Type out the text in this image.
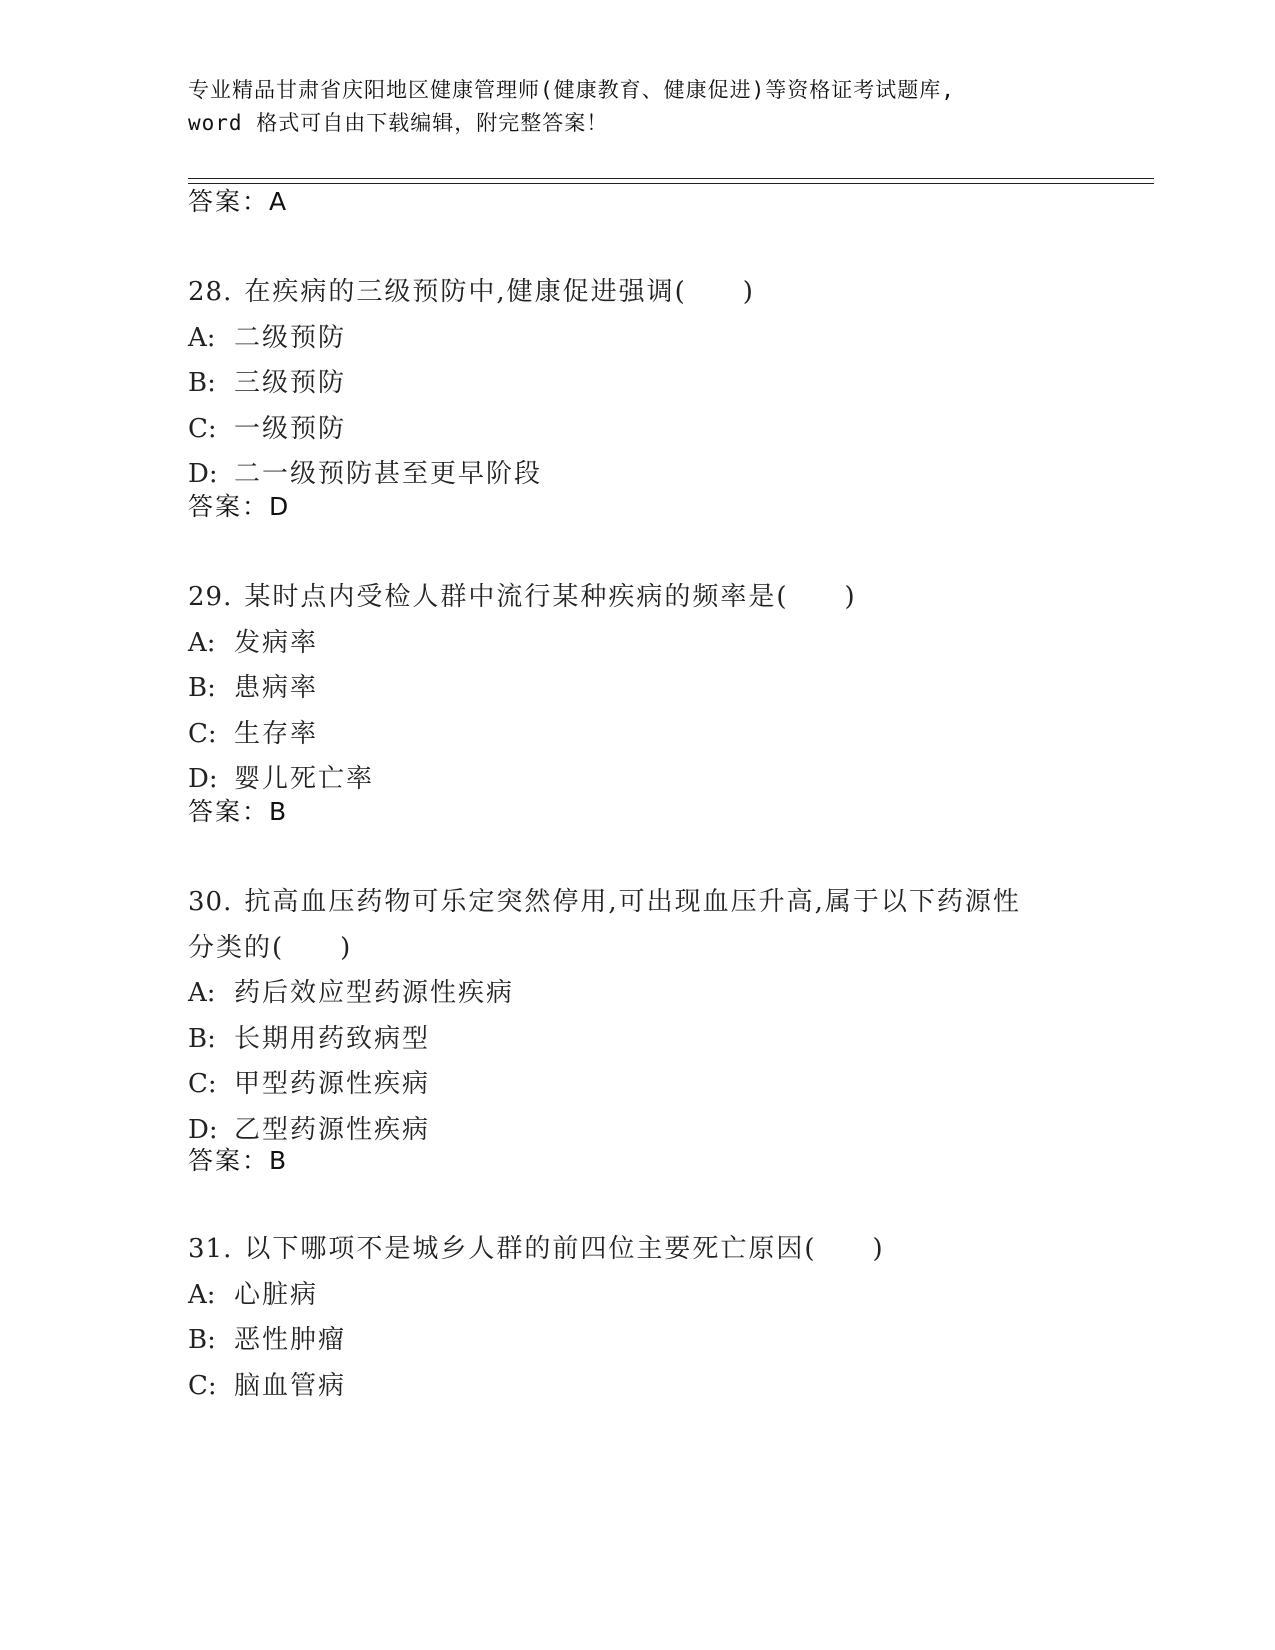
专业精品甘肃省庆阳地区健康管理师(健康教育、健康促进)等资格证考试题库,
word 格式可自由下载编辑，附完整答案！
答案：A
28. 在疾病的三级预防中,健康促进强调(　　)
A: 二级预防
B: 三级预防
C: 一级预防
D: 二一级预防甚至更早阶段
答案：D
29. 某时点内受检人群中流行某种疾病的频率是(　　)
A: 发病率
B: 患病率
C: 生存率
D: 婴儿死亡率
答案：B
30. 抗高血压药物可乐定突然停用,可出现血压升高,属于以下药源性
分类的(　　)
A: 药后效应型药源性疾病
B: 长期用药致病型
C: 甲型药源性疾病
D: 乙型药源性疾病
答案：B
31. 以下哪项不是城乡人群的前四位主要死亡原因(　　)
A: 心脏病
B: 恶性肿瘤
C: 脑血管病
